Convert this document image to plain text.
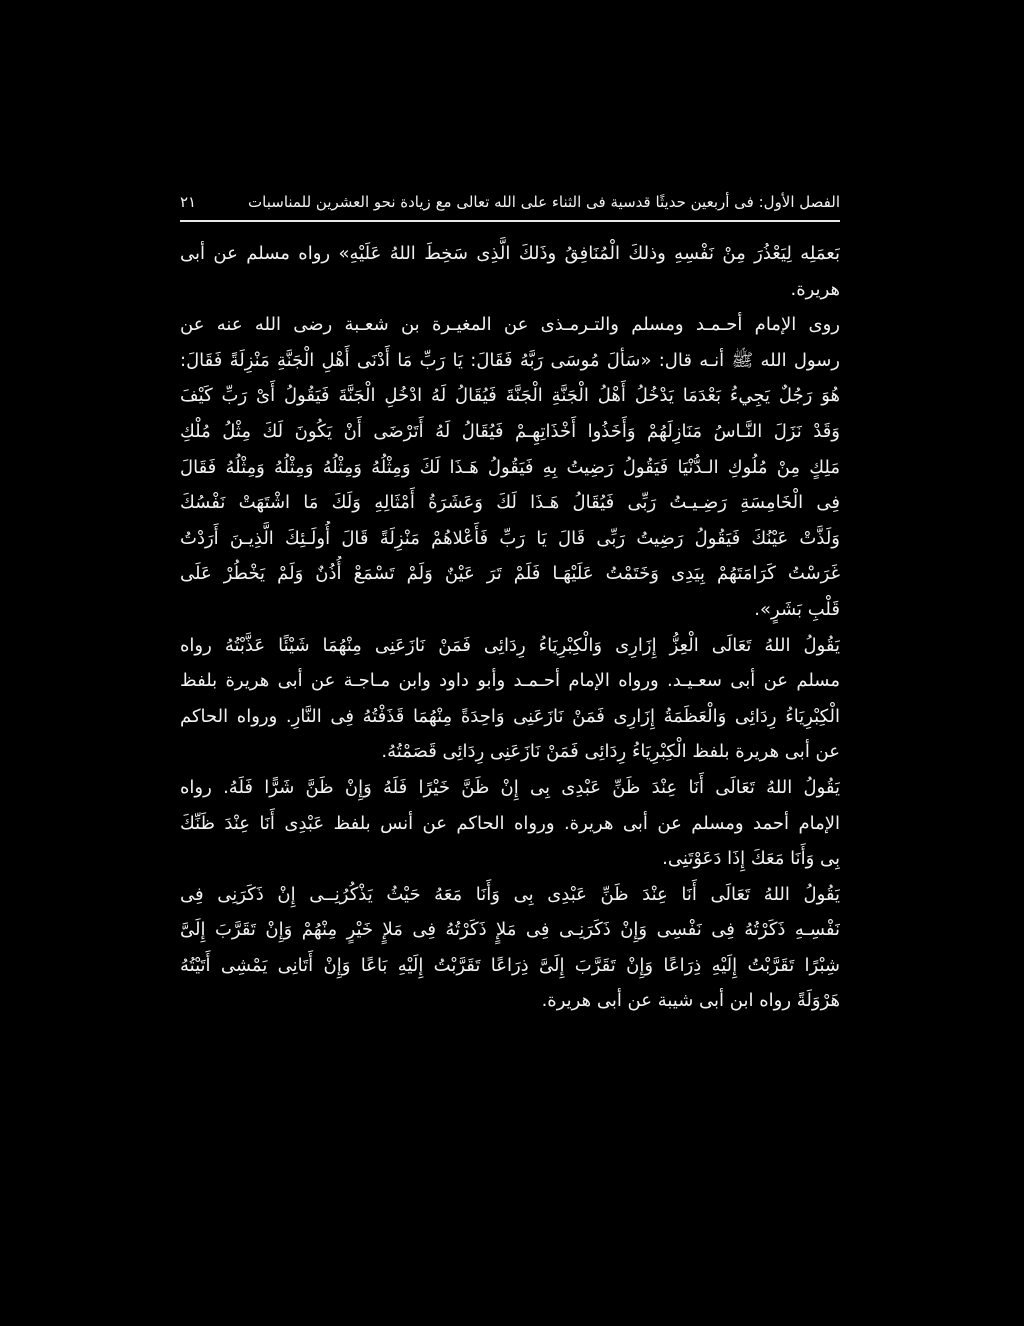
الفصل الأول: فى أربعين حديثًا قدسية فى الثناء على الله تعالى مع زيادة نحو العشرين للمناسبات
٢١
بَعمَلِه لِيَعْذُرَ مِنْ نَفْسِهِ وذلكَ الْمُنَافِقُ وذَلكَ الَّذِى سَخِطَ اللهُ عَلَيْهِ» رواه مسلم عن أبى
هريرة.
روى الإمام أحـمـد ومسلم والتـرمـذى عن المغيـرة بن شعـبة رضى الله عنه عن
رسول الله ﷺ أنـه قال: «سَألَ مُوسَى رَبَّهُ فَقَالَ: يَا رَبِّ مَا أَدْنَى أَهْلِ الْجَنَّةِ مَنْزِلَةً فَقَالَ:
هُوَ رَجُلٌ يَجِيءُ بَعْدَمَا يَدْخُلُ أَهْلُ الْجَنَّةِ الْجَنَّةَ فَيُقَالُ لَهُ ادْخُلِ الْجَنَّةَ فَيَقُولُ أَىْ رَبِّ كَيْفَ
وَقَدْ نَزَلَ النَّـاسُ مَنَازِلَهُمْ وَأَخَذُوا أَخْذَاتِهِـمْ فَيُقَالُ لَهُ أَتَرْضَى أَنْ يَكُونَ لَكَ مِثْلُ مُلْكِ
مَلِكٍ مِنْ مُلُوكِ الـدُّنْيَا فَيَقُولُ رَضِيتُ بِهِ فَيَقُولُ هَـذَا لَكَ وَمِثْلُهُ وَمِثْلُهُ وَمِثْلُهُ وَمِثْلُهُ فَقَالَ
فِى الْخَامِسَةِ رَضِـيـتُ رَبِّى فَيُقَالُ هَـذَا لَكَ وَعَشَرَةُ أَمْثَالِهِ وَلَكَ مَا اشْتَهَتْ نَفْسُكَ
وَلَذَّتْ عَيْنُكَ فَيَقُولُ رَضِيتُ رَبِّى قَالَ يَا رَبِّ فَأَعْلاهُمْ مَنْزِلَةً قَالَ أُولَـئِكَ الَّذِيـنَ أَرَدْتُ
غَرَسْتُ كَرَامَتَهُمْ بِيَدِى وَخَتَمْتُ عَلَيْهَـا فَلَمْ تَرَ عَيْنٌ وَلَمْ تَسْمَعْ أُذُنٌ وَلَمْ يَخْطُرْ عَلَى
قَلْبِ بَشَرٍ».
يَقُولُ اللهُ تَعَالَى الْعِزُّ إِزَارِى وَالْكِبْرِيَاءُ رِدَائِى فَمَنْ نَازَعَنِى مِنْهُمَا شَيْئًا عَذَّبْتُهُ رواه
مسلم عن أبى سعـيـد. ورواه الإمام أحـمـد وأبو داود وابن مـاجـة عن أبى هريرة بلفظ
الْكِبْرِيَاءُ رِدَائِى وَالْعَظَمَةُ إِزَارِى فَمَنْ نَازَعَنِى وَاحِدَةً مِنْهُمَا قَذَفْتُهُ فِى النَّارِ. ورواه الحاكم
عن أبى هريرة بلفظ الْكِبْرِيَاءُ رِدَائِى فَمَنْ نَازَعَنِى رِدَائِى قَصَمْتُهُ.
يَقُولُ اللهُ تَعَالَى أَنَا عِنْدَ ظَنِّ عَبْدِى بِى إِنْ ظَنَّ خَيْرًا فَلَهُ وَإِنْ ظَنَّ شَرًّا فَلَهُ. رواه
الإمام أحمد ومسلم عن أبى هريرة. ورواه الحاكم عن أنس بلفظ عَبْدِى أَنَا عِنْدَ ظَنِّكَ
بِى وَأَنَا مَعَكَ إِذَا دَعَوْتَنِى.
يَقُولُ اللهُ تَعَالَى أَنَا عِنْدَ ظَنِّ عَبْدِى بِى وَأَنَا مَعَهُ حَيْثُ يَذْكُرُنِــى إِنْ ذَكَرَنِى فِى
نَفْسِـهِ ذَكَرْتُهُ فِى نَفْسِى وَإِنْ ذَكَرَنِـى فِى مَلإٍ ذَكَرْتُهُ فِى مَلإٍ خَيْرٍ مِنْهُمْ وَإِنْ تَقَرَّبَ إِلَىَّ
شِبْرًا تَقَرَّبْتُ إِلَيْهِ ذِرَاعًا وَإِنْ تَقَرَّبَ إِلَىَّ ذِرَاعًا تَقَرَّبْتُ إِلَيْهِ بَاعًا وَإِنْ أَتَانِى يَمْشِى أَتَيْتُهُ
هَرْوَلَةً رواه ابن أبى شيبة عن أبى هريرة.
